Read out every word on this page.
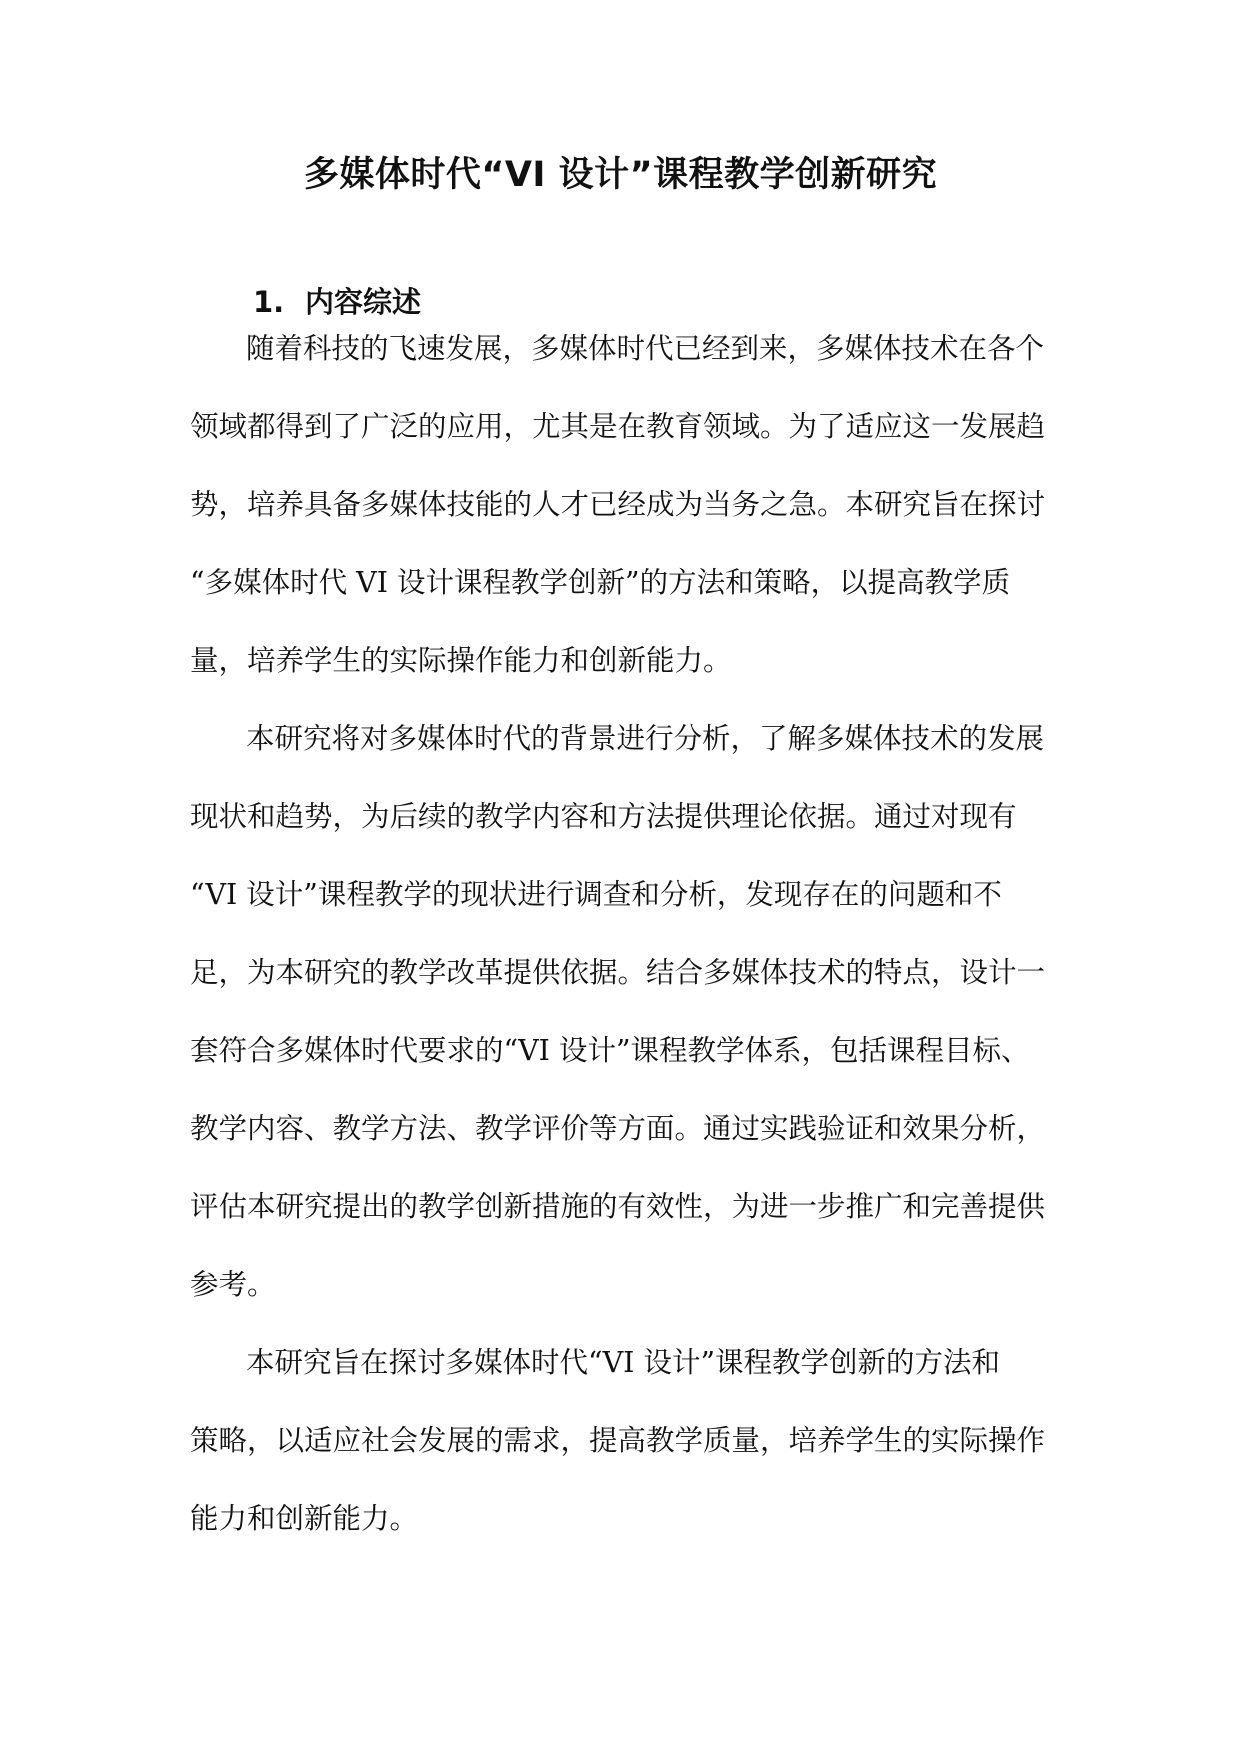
多媒体时代“VI 设计”课程教学创新研究
1. 内容综述

随着科技的飞速发展，多媒体时代已经到来，多媒体技术在各个
领域都得到了广泛的应用，尤其是在教育领域。为了适应这一发展趋
势，培养具备多媒体技能的人才已经成为当务之急。本研究旨在探讨
“多媒体时代 VI 设计课程教学创新”的方法和策略，以提高教学质
量，培养学生的实际操作能力和创新能力。

本研究将对多媒体时代的背景进行分析，了解多媒体技术的发展
现状和趋势，为后续的教学内容和方法提供理论依据。通过对现有
“VI 设计”课程教学的现状进行调查和分析，发现存在的问题和不
足，为本研究的教学改革提供依据。结合多媒体技术的特点，设计一
套符合多媒体时代要求的“VI 设计”课程教学体系，包括课程目标、
教学内容、教学方法、教学评价等方面。通过实践验证和效果分析，
评估本研究提出的教学创新措施的有效性，为进一步推广和完善提供
参考。

本研究旨在探讨多媒体时代“VI 设计”课程教学创新的方法和
策略，以适应社会发展的需求，提高教学质量，培养学生的实际操作
能力和创新能力。
